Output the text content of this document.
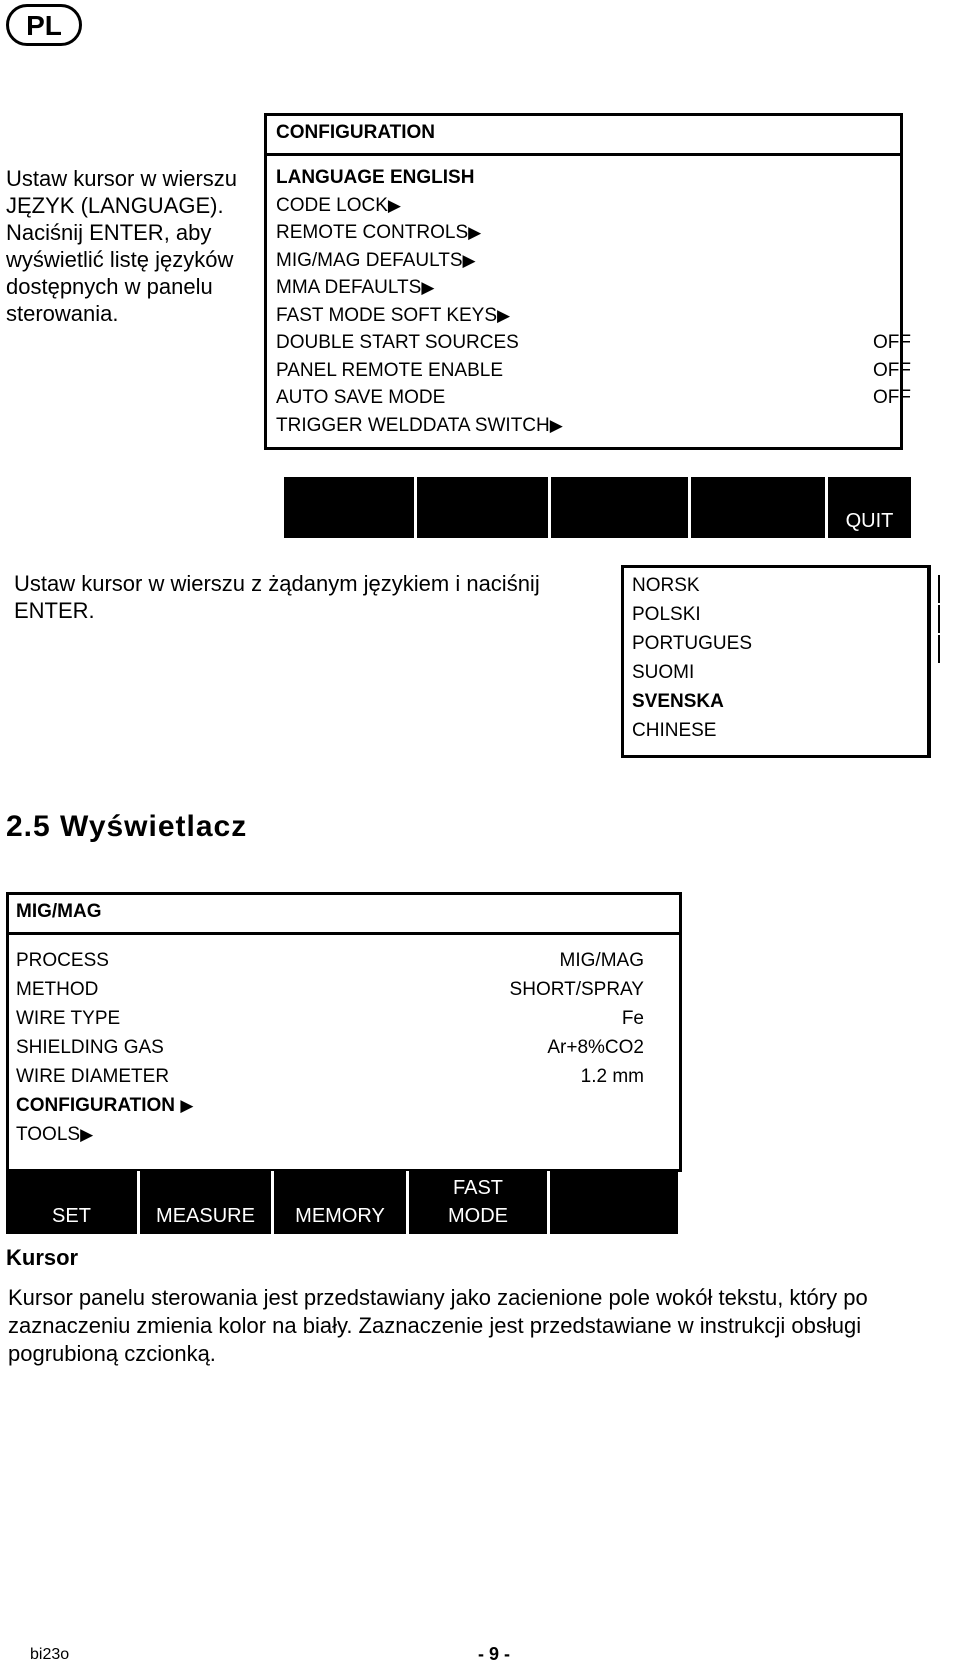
PL
Ustaw kursor w wierszu
JĘZYK (LANGUAGE).
Naciśnij ENTER, aby
wyświetlić listę języków
dostępnych w panelu
sterowania.
CONFIGURATION
LANGUAGE ENGLISH
CODE LOCK▶
REMOTE CONTROLS▶
MIG/MAG DEFAULTS▶
MMA DEFAULTS▶
FAST MODE SOFT KEYS▶
DOUBLE START SOURCES	OFF
PANEL REMOTE ENABLE	OFF
AUTO SAVE MODE	OFF
TRIGGER WELDDATA SWITCH▶
QUIT
Ustaw kursor w wierszu z żądanym językiem i naciśnij
ENTER.
NORSK
POLSKI
PORTUGUES
SUOMI
SVENSKA
CHINESE
2.5 Wyświetlacz
MIG/MAG
PROCESS	MIG/MAG
METHOD	SHORT/SPRAY
WIRE TYPE	Fe
SHIELDING GAS	Ar+8%CO2
WIRE DIAMETER	1.2 mm
CONFIGURATION ▶
TOOLS▶
SET	MEASURE	MEMORY
FAST
MODE
Kursor
Kursor panelu sterowania jest przedstawiany jako zacienione pole wokół tekstu, który po
zaznaczeniu zmienia kolor na biały. Zaznaczenie jest przedstawiane w instrukcji obsługi
pogrubioną czcionką.
bi23o	- 9 -
